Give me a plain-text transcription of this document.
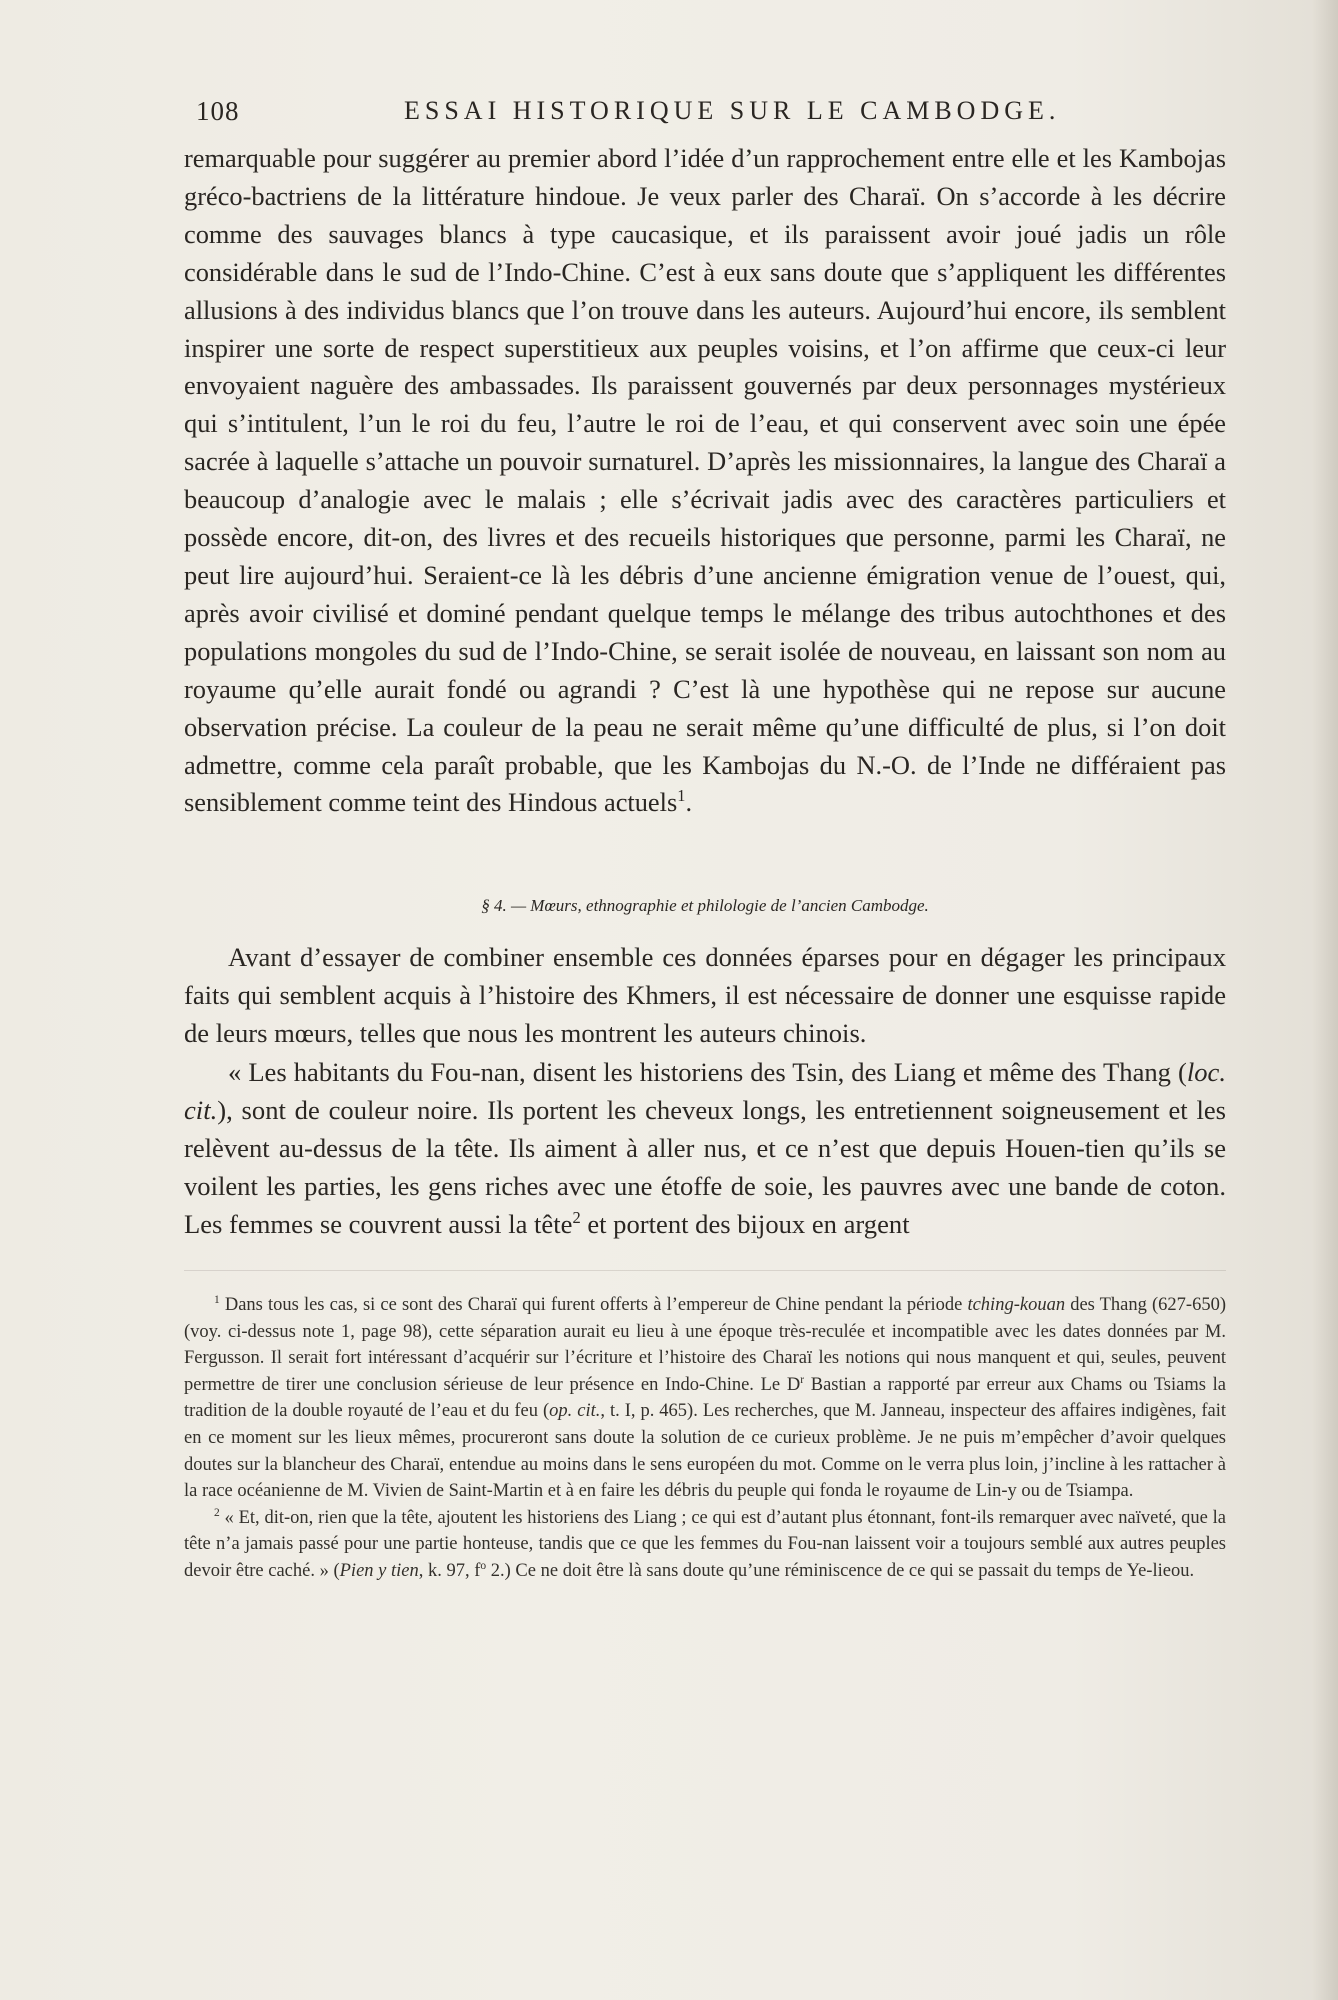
108	ESSAI HISTORIQUE SUR LE CAMBODGE.

remarquable pour suggérer au premier abord l’idée d’un rapprochement entre elle et les Kambojas gréco-bactriens de la littérature hindoue. Je veux parler des Charaï. On s’accorde à les décrire comme des sauvages blancs à type caucasique, et ils paraissent avoir joué jadis un rôle considérable dans le sud de l’Indo-Chine. C’est à eux sans doute que s’appliquent les différentes allusions à des individus blancs que l’on trouve dans les auteurs. Aujourd’hui encore, ils semblent inspirer une sorte de respect superstitieux aux peuples voisins, et l’on affirme que ceux-ci leur envoyaient naguère des ambassades. Ils paraissent gouvernés par deux personnages mystérieux qui s’intitulent, l’un le roi du feu, l’autre le roi de l’eau, et qui conservent avec soin une épée sacrée à laquelle s’attache un pouvoir surnaturel. D’après les missionnaires, la langue des Charaï a beaucoup d’analogie avec le malais ; elle s’écrivait jadis avec des caractères particuliers et possède encore, dit-on, des livres et des recueils historiques que personne, parmi les Charaï, ne peut lire aujourd’hui. Seraient-ce là les débris d’une ancienne émigration venue de l’ouest, qui, après avoir civilisé et dominé pendant quelque temps le mélange des tribus autochthones et des populations mongoles du sud de l’Indo-Chine, se serait isolée de nouveau, en laissant son nom au royaume qu’elle aurait fondé ou agrandi ? C’est là une hypothèse qui ne repose sur aucune observation précise. La couleur de la peau ne serait même qu’une difficulté de plus, si l’on doit admettre, comme cela paraît probable, que les Kambojas du N.-O. de l’Inde ne différaient pas sensiblement comme teint des Hindous actuels$^1$.

§ 4. — Mœurs, ethnographie et philologie de l’ancien Cambodge.

Avant d’essayer de combiner ensemble ces données éparses pour en dégager les principaux faits qui semblent acquis à l’histoire des Khmers, il est nécessaire de donner une esquisse rapide de leurs mœurs, telles que nous les montrent les auteurs chinois.

« Les habitants du Fou-nan, disent les historiens des Tsin, des Liang et même des Thang (loc. cit.), sont de couleur noire. Ils portent les cheveux longs, les entretiennent soigneusement et les relèvent au-dessus de la tête. Ils aiment à aller nus, et ce n’est que depuis Houen-tien qu’ils se voilent les parties, les gens riches avec une étoffe de soie, les pauvres avec une bande de coton. Les femmes se couvrent aussi la tête$^2$ et portent des bijoux en argent

$^1$ Dans tous les cas, si ce sont des Charaï qui furent offerts à l’empereur de Chine pendant la période tching-kouan des Thang (627-650) (voy. ci-dessus note 1, page 98), cette séparation aurait eu lieu à une époque très-reculée et incompatible avec les dates données par M. Fergusson. Il serait fort intéressant d’acquérir sur l’écriture et l’histoire des Charaï les notions qui nous manquent et qui, seules, peuvent permettre de tirer une conclusion sérieuse de leur présence en Indo-Chine. Le $D^r$ Bastian a rapporté par erreur aux Chams ou Tsiams la tradition de la double royauté de l’eau et du feu (op. cit., t. I, p. 465). Les recherches, que M. Janneau, inspecteur des affaires indigènes, fait en ce moment sur les lieux mêmes, procureront sans doute la solution de ce curieux problème. Je ne puis m’empêcher d’avoir quelques doutes sur la blancheur des Charaï, entendue au moins dans le sens européen du mot. Comme on le verra plus loin, j’incline à les rattacher à la race océanienne de M. Vivien de Saint-Martin et à en faire les débris du peuple qui fonda le royaume de Lin-y ou de Tsiampa.

$^2$ « Et, dit-on, rien que la tête, ajoutent les historiens des Liang ; ce qui est d’autant plus étonnant, font-ils remarquer avec naïveté, que la tête n’a jamais passé pour une partie honteuse, tandis que ce que les femmes du Fou-nan laissent voir a toujours semblé aux autres peuples devoir être caché. » (Pien y tien, k. 97, $f^o$ 2.) Ce ne doit être là sans doute qu’une réminiscence de ce qui se passait du temps de Ye-lieou.
